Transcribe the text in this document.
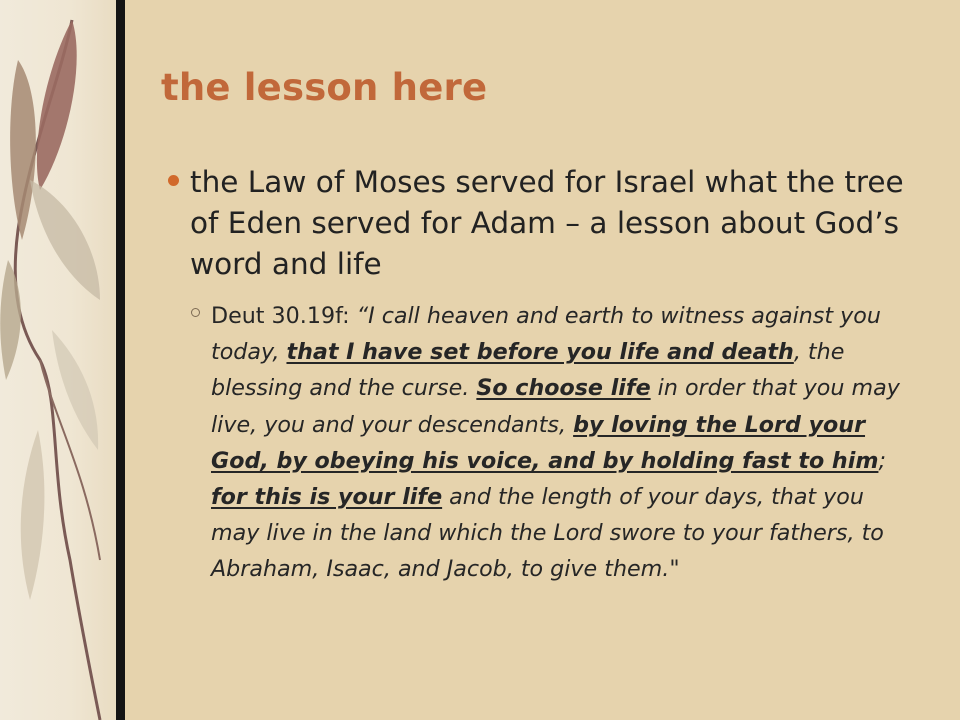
the lesson here

the Law of Moses served for Israel what the tree of Eden served for Adam – a lesson about God’s word and life

Deut 30.19f: “I call heaven and earth to witness against you today, that I have set before you life and death, the blessing and the curse. So choose life in order that you may live, you and your descendants, by loving the Lord your God, by obeying his voice, and by holding fast to him; for this is your life and the length of your days, that you may live in the land which the Lord swore to your fathers, to Abraham, Isaac, and Jacob, to give them."
